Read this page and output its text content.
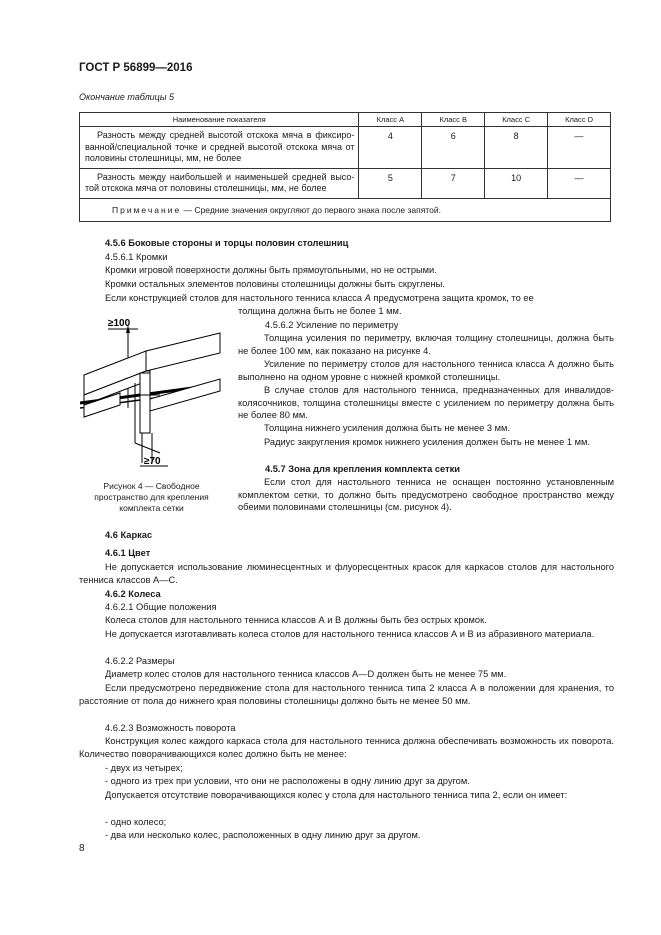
ГОСТ Р 56899—2016
Окончание таблицы 5
Наименование показателя	Класс А	Класс В	Класс С	Класс D
Разность между средней высотой отскока мяча в фиксиро-ванной/специальной точке и средней высотой отскока мяча от половины столешницы, мм, не более	4	6	8	—
Разность между наибольшей и наименьшей средней высо-той отскока мяча от половины столешницы, мм, не более	5	7	10	—
Примечание — Средние значения округляют до первого знака после запятой.				
4.5.6 Боковые стороны и торцы половин столешниц
4.5.6.1 Кромки
Кромки игровой поверхности должны быть прямоугольными, но не острыми.
Кромки остальных элементов половины столешницы должны быть скруглены.
Если конструкцией столов для настольного тенниса класса А предусмотрена защита кромок, то ее
толщина должна быть не более 1 мм.
4.5.6.2 Усиление по периметру
Толщина усиления по периметру, включая толщину столешницы, должна быть не более 100 мм, как показано на рисунке 4.
Усиление по периметру столов для настольного тенниса класса А должно быть выполнено на одном уровне с нижней кромкой столешницы.
В случае столов для настольного тенниса, предназначенных для инвалидов-колясочников, толщина столешницы вместе с усилением по периметру должна быть не более 80 мм.
Толщина нижнего усиления должна быть не менее 3 мм.
Радиус закругления кромок нижнего усиления должен быть не менее 1 мм.
4.5.7 Зона для крепления комплекта сетки
Если стол для настольного тенниса не оснащен постоянно установленным комплектом сетки, то должно быть предусмотрено свободное пространство между обеими половинами столешницы (см. рисунок 4).
≥100
≥70
Рисунок 4 — Свободное пространство для крепления комплекта сетки
4.6 Каркас
4.6.1 Цвет
Не допускается использование люминесцентных и флуоресцентных красок для каркасов столов для настольного тенниса классов А—С.
4.6.2 Колеса
4.6.2.1 Общие положения
Колеса столов для настольного тенниса классов А и В должны быть без острых кромок.
Не допускается изготавливать колеса столов для настольного тенниса классов А и В из абразивного материала.
4.6.2.2 Размеры
Диаметр колес столов для настольного тенниса классов А—D должен быть не менее 75 мм.
Если предусмотрено передвижение стола для настольного тенниса типа 2 класса А в положении для хранения, то расстояние от пола до нижнего края половины столешницы должно быть не менее 50 мм.
4.6.2.3 Возможность поворота
Конструкция колес каждого каркаса стола для настольного тенниса должна обеспечивать возможность их поворота. Количество поворачивающихся колес должно быть не менее:
- двух из четырех;
- одного из трех при условии, что они не расположены в одну линию друг за другом.
Допускается отсутствие поворачивающихся колес у стола для настольного тенниса типа 2, если он имеет:
- одно колесо;
- два или несколько колес, расположенных в одну линию друг за другом.
8
